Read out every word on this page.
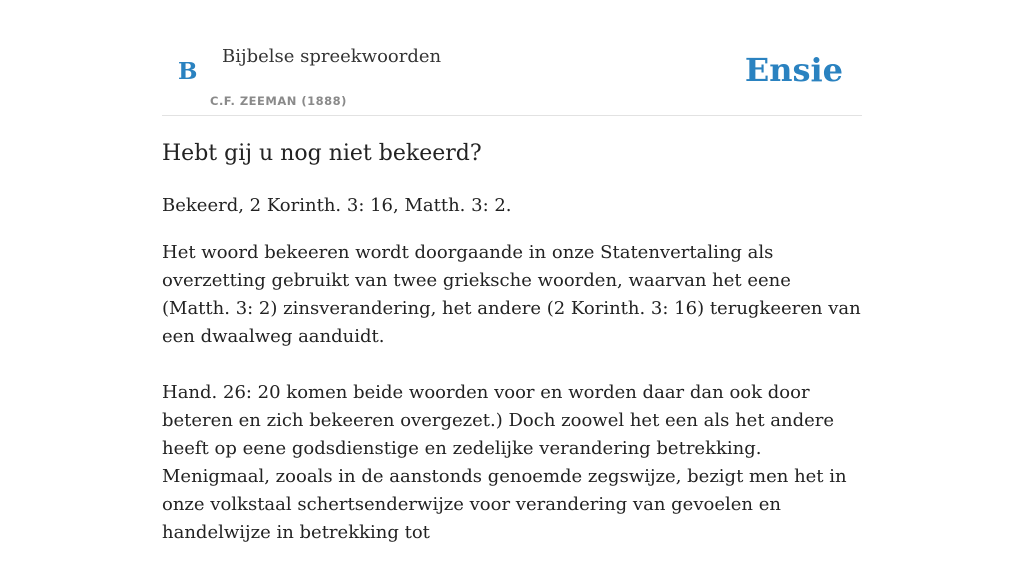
B
Bijbelse spreekwoorden
C.F. ZEEMAN (1888)
Ensie
Hebt gij u nog niet bekeerd?

Bekeerd, 2 Korinth. 3: 16, Matth. 3: 2.

Het woord bekeeren wordt doorgaande in onze Statenvertaling als overzetting gebruikt van twee grieksche woorden, waarvan het eene (Matth. 3: 2) zinsverandering, het andere (2 Korinth. 3: 16) terugkeeren van een dwaalweg aanduidt.

Hand. 26: 20 komen beide woorden voor en worden daar dan ook door beteren en zich bekeeren overgezet.) Doch zoowel het een als het andere heeft op eene godsdienstige en zedelijke verandering betrekking. Menigmaal, zooals in de aanstonds genoemde zegswijze, bezigt men het in onze volkstaal schertsenderwijze voor verandering van gevoelen en handelwijze in betrekking tot
